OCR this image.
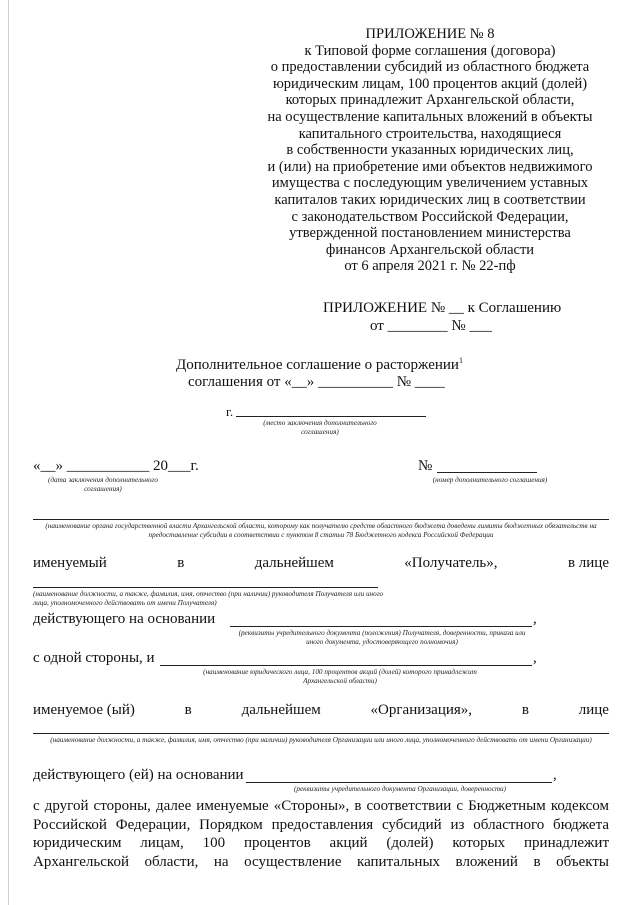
ПРИЛОЖЕНИЕ № 8
к Типовой форме соглашения (договора)
о предоставлении субсидий из областного бюджета
юридическим лицам, 100 процентов акций (долей)
которых принадлежит Архангельской области,
на осуществление капитальных вложений в объекты
капитального строительства, находящиеся
в собственности указанных юридических лиц,
и (или) на приобретение ими объектов недвижимого
имущества с последующим увеличением уставных
капиталов таких юридических лиц в соответствии
с законодательством Российской Федерации,
утвержденной постановлением министерства
финансов Архангельской области
от 6 апреля 2021 г. № 22-пф
ПРИЛОЖЕНИЕ № __ к Соглашению
от ________ № ___
Дополнительное соглашение о расторжении$^1$
соглашения от «__» __________ № ____
г.
(место заключения дополнительного соглашения)
«__» ___________ 20___г.
(дата заключения дополнительного соглашения)
№
(номер дополнительного соглашения)
(наименование органа государственной власти Архангельской области, которому как получателю средств областного бюджета доведены лимиты бюджетных обязательств на предоставление субсидии в соответствии с пунктом 8 статьи 78 Бюджетного кодекса Российской Федерации
именуемый	в	дальнейшем	«Получатель»,	в лице
(наименование должности, а также, фамилия, имя, отчество (при наличии) руководителя Получателя или иного лица, уполномоченного действовать от имени Получателя)
действующего на основании	,
(реквизиты учредительного документа (положения) Получателя, доверенности, приказа или иного документа, удостоверяющего полномочия)
с одной стороны, и	,
(наименование юридического лица, 100 процентов акций (долей) которого принадлежит Архангельской области)
именуемое (ый)	в	дальнейшем	«Организация»,	в	лице
(наименование должности, а также, фамилия, имя, отчество (при наличии) руководителя Организации или иного лица, уполномоченного действовать от имени Организации)
действующего (ей) на основании	,
(реквизиты учредительного документа Организации, доверенности)
с другой стороны, далее именуемые «Стороны», в соответствии с Бюджетным кодексом
Российской Федерации, Порядком предоставления субсидий из областного бюджета
юридическим лицам, 100 процентов акций (долей) которых принадлежит
Архангельской области, на осуществление капитальных вложений в объекты
